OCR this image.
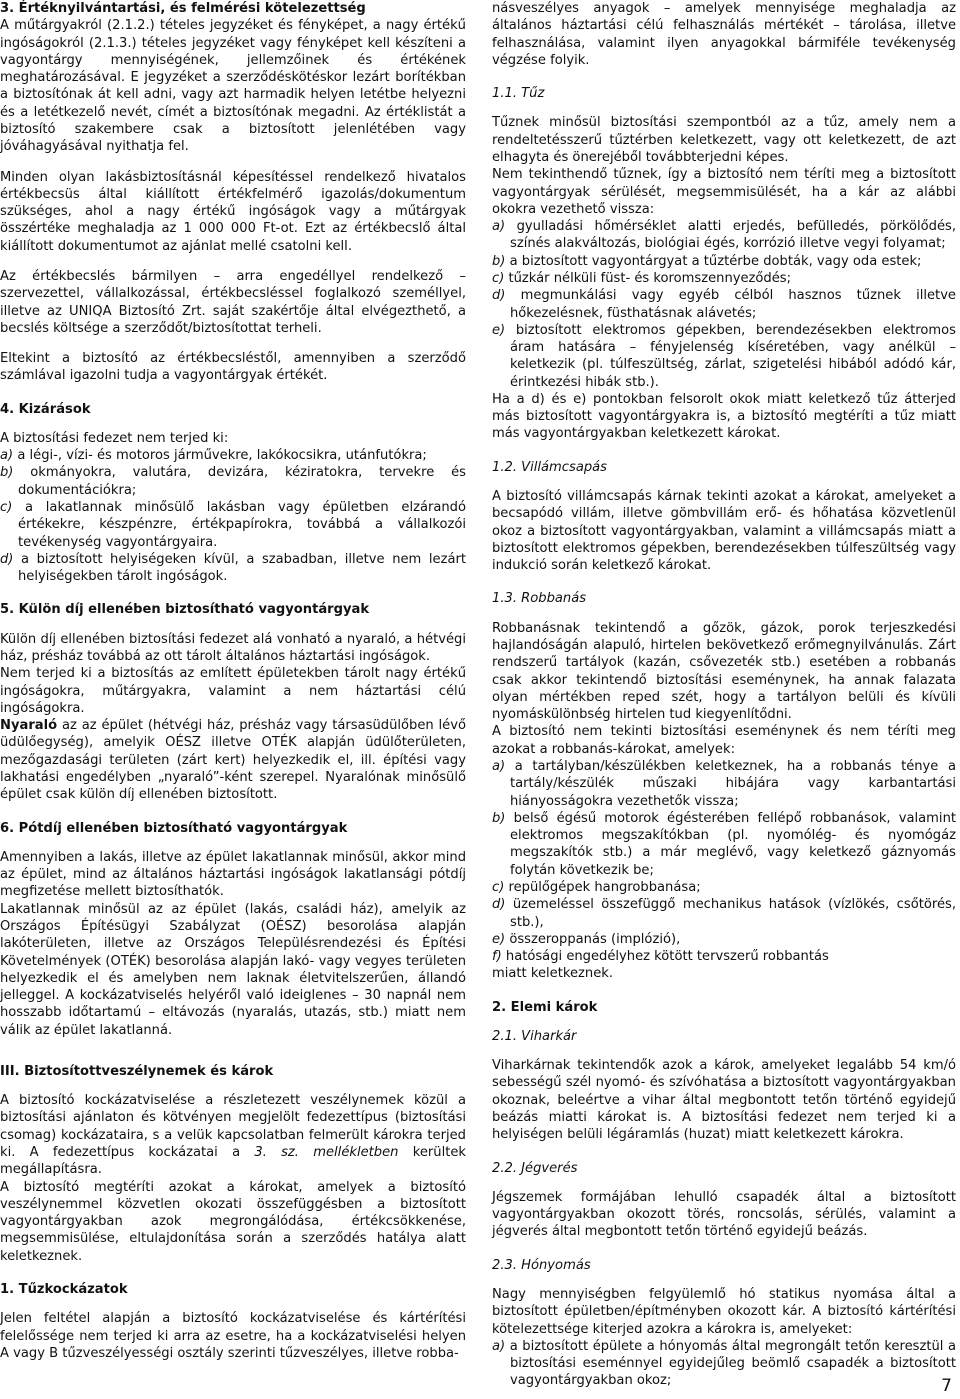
3. Értéknyilvántartási, és felmérési kötelezettség

A műtárgyakról (2.1.2.) tételes jegyzéket és fényképet, a nagy értékű ingóságokról (2.1.3.) tételes jegyzéket vagy fényképet kell készíteni a vagyontárgy mennyiségének, jellemzőinek és értékének meghatározásával. E jegyzéket a szerződéskötéskor lezárt borítékban a biztosítónak át kell adni, vagy azt harmadik helyen letétbe helyezni és a letétkezelő nevét, címét a biztosítónak megadni. Az értéklistát a biztosító szakembere csak a biztosított jelenlétében vagy jóváhagyásával nyithatja fel.

Minden olyan lakásbiztosításnál képesítéssel rendelkező hivatalos értékbecsüs által kiállított értékfelmérő igazolás/dokumentum szükséges, ahol a nagy értékű ingóságok vagy a műtárgyak összértéke meghaladja az 1 000 000 Ft-ot. Ezt az értékbecslő által kiállított dokumentumot az ajánlat mellé csatolni kell.

Az értékbecslés bármilyen – arra engedéllyel rendelkező – szervezettel, vállalkozással, értékbecsléssel foglalkozó személlyel, illetve az UNIQA Biztosító Zrt. saját szakértője által elvégezthető, a becslés költsége a szerződőt/biztosítottat terheli.

Eltekint a biztosító az értékbecsléstől, amennyiben a szerződő számlával igazolni tudja a vagyontárgyak értékét.

4. Kizárások

A biztosítási fedezet nem terjed ki:

a) a légi-, vízi- és motoros járművekre, lakókocsikra, utánfutókra;
b) okmányokra, valutára, devizára, kéziratokra, tervekre és dokumentációkra;
c) a lakatlannak minősülő lakásban vagy épületben elzárandó értékekre, készpénzre, értékpapírokra, továbbá a vállalkozói tevékenység vagyontárgyaira.
d) a biztosított helyiségeken kívül, a szabadban, illetve nem lezárt helyiségekben tárolt ingóságok.
5. Külön díj ellenében biztosítható vagyontárgyak

Külön díj ellenében biztosítási fedezet alá vonható a nyaraló, a hétvégi ház, présház továbbá az ott tárolt általános háztartási ingóságok.

Nem terjed ki a biztosítás az említett épületekben tárolt nagy értékű ingóságokra, műtárgyakra, valamint a nem háztartási célú ingóságokra.

Nyaraló az az épület (hétvégi ház, présház vagy társasüdülőben lévő üdülőegység), amelyik OÉSZ illetve OTÉK alapján üdülőterületen, mezőgazdasági területen (zárt kert) helyezkedik el, ill. építési vagy lakhatási engedélyben „nyaraló”-ként szerepel. Nyaralónak minősülő épület csak külön díj ellenében biztosított.

6. Pótdíj ellenében biztosítható vagyontárgyak

Amennyiben a lakás, illetve az épület lakatlannak minősül, akkor mind az épület, mind az általános háztartási ingóságok lakatlansági pótdíj megfizetése mellett biztosíthatók.

Lakatlannak minősül az az épület (lakás, családi ház), amelyik az Országos Építésügyi Szabályzat (OÉSZ) besorolása alapján lakóterületen, illetve az Országos Településrendezési és Építési Követelmények (OTÉK) besorolása alapján lakó- vagy vegyes területen helyezkedik el és amelyben nem laknak életvitelszerűen, állandó jelleggel. A kockázatviselés helyéről való ideiglenes – 30 napnál nem hosszabb időtartamú – eltávozás (nyaralás, utazás, stb.) miatt nem válik az épület lakatlanná.

III. Biztosítottveszélynemek és károk

A biztosító kockázatviselése a részletezett veszélynemek közül a biztosítási ajánlaton és kötvényen megjelölt fedezettípus (biztosítási csomag) kockázataira, s a velük kapcsolatban felmerült károkra terjed ki. A fedezettípus kockázatai a 3. sz. mellékletben kerültek megállapításra.

A biztosító megtéríti azokat a károkat, amelyek a biztosító veszélynemmel közvetlen okozati összefüggésben a biztosított vagyontárgyakban azok megrongálódása, értékcsökkenése, megsemmisülése, eltulajdonítása során a szerződés hatálya alatt keletkeznek.

1. Tűzkockázatok

Jelen feltétel alapján a biztosító kockázatviselése és kártérítési felelőssége nem terjed ki arra az esetre, ha a kockázatviselési helyen A vagy B tűzveszélyességi osztály szerinti tűzveszélyes, illetve robba-

násveszélyes anyagok – amelyek mennyisége meghaladja az általános háztartási célú felhasználás mértékét – tárolása, illetve felhasználása, valamint ilyen anyagokkal bármiféle tevékenység végzése folyik.

1.1. Tűz

Tűznek minősül biztosítási szempontból az a tűz, amely nem a rendeltetésszerű tűztérben keletkezett, vagy ott keletkezett, de azt elhagyta és önerejéből továbbterjedni képes.

Nem tekinthendő tűznek, így a biztosító nem téríti meg a biztosított vagyontárgyak sérülését, megsemmisülését, ha a kár az alábbi okokra vezethető vissza:

a) gyulladási hőmérséklet alatti erjedés, befülledés, pörkölődés, színés alakváltozás, biológiai égés, korrózió illetve vegyi folyamat;
b) a biztosított vagyontárgyat a tűztérbe dobták, vagy oda estek;
c) tűzkár nélküli füst- és koromszennyeződés;
d) megmunkálási vagy egyéb célból hasznos tűznek illetve hőkezelésnek, füsthatásnak alávetés;
e) biztosított elektromos gépekben, berendezésekben elektromos áram hatására – fényjelenség kíséretében, vagy anélkül – keletkezik (pl. túlfeszültség, zárlat, szigetelési hibából adódó kár, érintkezési hibák stb.).

Ha a d) és e) pontokban felsorolt okok miatt keletkező tűz átterjed más biztosított vagyontárgyakra is, a biztosító megtéríti a tűz miatt más vagyontárgyakban keletkezett károkat.

1.2. Villámcsapás

A biztosító villámcsapás kárnak tekinti azokat a károkat, amelyeket a becsapódó villám, illetve gömbvillám erő- és hőhatása közvetlenül okoz a biztosított vagyontárgyakban, valamint a villámcsapás miatt a biztosított elektromos gépekben, berendezésekben túlfeszültség vagy indukció során keletkező károkat.

1.3. Robbanás

Robbanásnak tekintendő a gőzök, gázok, porok terjeszkedési hajlandóságán alapuló, hirtelen bekövetkező erőmegnyilvánulás. Zárt rendszerű tartályok (kazán, csővezeték stb.) esetében a robbanás csak akkor tekintendő biztosítási eseménynek, ha annak falazata olyan mértékben reped szét, hogy a tartályon belüli és kívüli nyomáskülönbség hirtelen tud kiegyenlítődni.

A biztosító nem tekinti biztosítási eseménynek és nem téríti meg azokat a robbanás-károkat, amelyek:

a) a tartályban/készülékben keletkeznek, ha a robbanás tényе a tartály/készülék műszaki hibájára vagy karbantartási hiányosságokra vezethetők vissza;
b) belső égésű motorok égésterében fellépő robbanások, valamint elektromos megszakítókban (pl. nyomólég- és nyomógáz megszakítók stb.) a már meglévő, vagy keletkező gáznyomás folytán következik be;
c) repülőgépek hangrobbanása;
d) üzemeléssel összefüggő mechanikus hatások (vízlökés, csőtörés, stb.),
e) összeroppanás (implózió),
f) hatósági engedélyhez kötött tervszerű robbantás

miatt keletkeznek.

2. Elemi károk
2.1. Viharkár

Viharkárnak tekintendők azok a károk, amelyeket legalább 54 km/ó sebességű szél nyomó- és szívóhatása a biztosított vagyontárgyakban okoznak, beleértve a vihar által megbontott tetőn történő egyidejű beázás miatti károkat is. A biztosítási fedezet nem terjed ki a helyiségen belüli légáramlás (huzat) miatt keletkezett károkra.

2.2. Jégverés

Jégszemek formájában lehulló csapadék által a biztosított vagyontárgyakban okozott törés, roncsolás, sérülés, valamint a jégverés által megbontott tetőn történő egyidejű beázás.

2.3. Hónyomás

Nagy mennyiségben felgyülemlő hó statikus nyomása által a biztosított épületben/építményben okozott kár. A biztosító kártérítési kötelezettsége kiterjed azokra a károkra is, amelyeket:

a) a biztosított épülete a hónyomás által megrongált tetőn keresztül a biztosítási eseménnyel egyidejűleg beömlő csapadék a biztosított vagyontárgyakban okoz;	7
